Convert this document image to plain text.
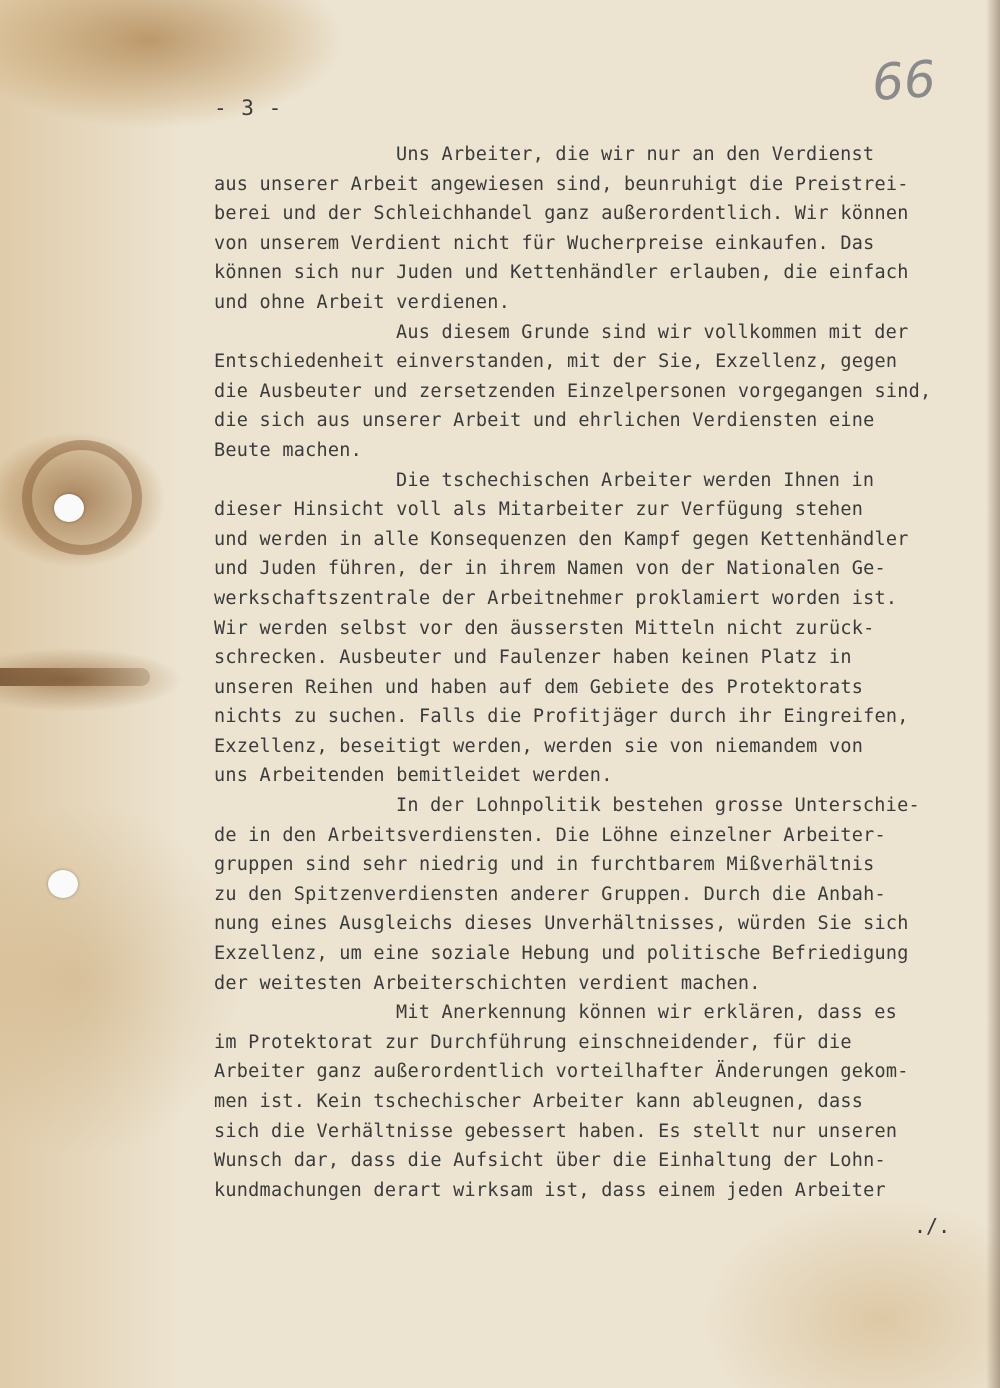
- 3 -	66
Uns Arbeiter, die wir nur an den Verdienst
aus unserer Arbeit angewiesen sind, beunruhigt die Preistrei-
berei und der Schleichhandel ganz außerordentlich. Wir können
von unserem Verdient nicht für Wucherpreise einkaufen. Das
können sich nur Juden und Kettenhändler erlauben, die einfach
und ohne Arbeit verdienen.
Aus diesem Grunde sind wir vollkommen mit der
Entschiedenheit einverstanden, mit der Sie, Exzellenz, gegen
die Ausbeuter und zersetzenden Einzelpersonen vorgegangen sind,
die sich aus unserer Arbeit und ehrlichen Verdiensten eine
Beute machen.
Die tschechischen Arbeiter werden Ihnen in
dieser Hinsicht voll als Mitarbeiter zur Verfügung stehen
und werden in alle Konsequenzen den Kampf gegen Kettenhändler
und Juden führen, der in ihrem Namen von der Nationalen Ge-
werkschaftszentrale der Arbeitnehmer proklamiert worden ist.
Wir werden selbst vor den äussersten Mitteln nicht zurück-
schrecken. Ausbeuter und Faulenzer haben keinen Platz in
unseren Reihen und haben auf dem Gebiete des Protektorats
nichts zu suchen. Falls die Profitjäger durch ihr Eingreifen,
Exzellenz, beseitigt werden, werden sie von niemandem von
uns Arbeitenden bemitleidet werden.
In der Lohnpolitik bestehen grosse Unterschie-
de in den Arbeitsverdiensten. Die Löhne einzelner Arbeiter-
gruppen sind sehr niedrig und in furchtbarem Mißverhältnis
zu den Spitzenverdiensten anderer Gruppen. Durch die Anbah-
nung eines Ausgleichs dieses Unverhältnisses, würden Sie sich
Exzellenz, um eine soziale Hebung und politische Befriedigung
der weitesten Arbeiterschichten verdient machen.
Mit Anerkennung können wir erklären, dass es
im Protektorat zur Durchführung einschneidender, für die
Arbeiter ganz außerordentlich vorteilhafter Änderungen gekom-
men ist. Kein tschechischer Arbeiter kann ableugnen, dass
sich die Verhältnisse gebessert haben. Es stellt nur unseren
Wunsch dar, dass die Aufsicht über die Einhaltung der Lohn-
kundmachungen derart wirksam ist, dass einem jeden Arbeiter
./.
